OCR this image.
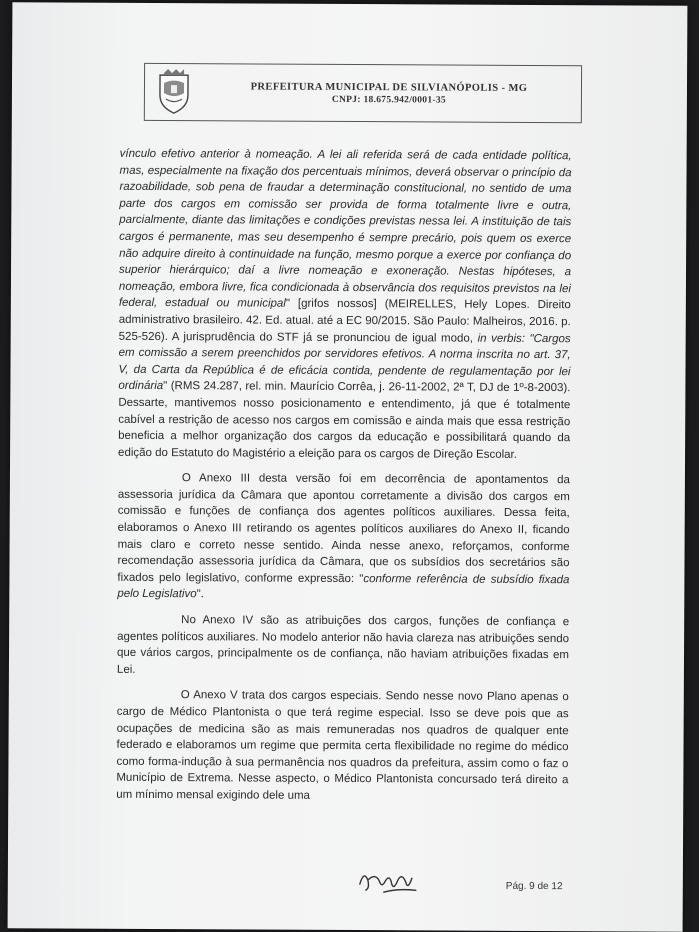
PREFEITURA MUNICIPAL DE SILVIANÓPOLIS - MG
CNPJ: 18.675.942/0001-35

vínculo efetivo anterior à nomeação. A lei ali referida será de cada entidade política, mas, especialmente na fixação dos percentuais mínimos, deverá observar o princípio da razoabilidade, sob pena de fraudar a determinação constitucional, no sentido de uma parte dos cargos em comissão ser provida de forma totalmente livre e outra, parcialmente, diante das limitações e condições previstas nessa lei. A instituição de tais cargos é permanente, mas seu desempenho é sempre precário, pois quem os exerce não adquire direito à continuidade na função, mesmo porque a exerce por confiança do superior hierárquico; daí a livre nomeação e exoneração. Nestas hipóteses, a nomeação, embora livre, fica condicionada à observância dos requisitos previstos na lei federal, estadual ou municipal" [grifos nossos] (MEIRELLES, Hely Lopes. Direito administrativo brasileiro. 42. Ed. atual. até a EC 90/2015. São Paulo: Malheiros, 2016. p. 525-526). A jurisprudência do STF já se pronunciou de igual modo, in verbis: "Cargos em comissão a serem preenchidos por servidores efetivos. A norma inscrita no art. 37, V, da Carta da República é de eficácia contida, pendente de regulamentação por lei ordinária" (RMS 24.287, rel. min. Maurício Corrêa, j. 26-11-2002, 2ª T, DJ de 1º-8-2003). Dessarte, mantivemos nosso posicionamento e entendimento, já que é totalmente cabível a restrição de acesso nos cargos em comissão e ainda mais que essa restrição beneficia a melhor organização dos cargos da educação e possibilitará quando da edição do Estatuto do Magistério a eleição para os cargos de Direção Escolar.

O Anexo III desta versão foi em decorrência de apontamentos da assessoria jurídica da Câmara que apontou corretamente a divisão dos cargos em comissão e funções de confiança dos agentes políticos auxiliares. Dessa feita, elaboramos o Anexo III retirando os agentes políticos auxiliares do Anexo II, ficando mais claro e correto nesse sentido. Ainda nesse anexo, reforçamos, conforme recomendação assessoria jurídica da Câmara, que os subsídios dos secretários são fixados pelo legislativo, conforme expressão: "conforme referência de subsídio fixada pelo Legislativo".

No Anexo IV são as atribuições dos cargos, funções de confiança e agentes políticos auxiliares. No modelo anterior não havia clareza nas atribuições sendo que vários cargos, principalmente os de confiança, não haviam atribuições fixadas em Lei.

O Anexo V trata dos cargos especiais. Sendo nesse novo Plano apenas o cargo de Médico Plantonista o que terá regime especial. Isso se deve pois que as ocupações de medicina são as mais remuneradas nos quadros de qualquer ente federado e elaboramos um regime que permita certa flexibilidade no regime do médico como forma-indução à sua permanência nos quadros da prefeitura, assim como o faz o Município de Extrema. Nesse aspecto, o Médico Plantonista concursado terá direito a um mínimo mensal exigindo dele uma

Pág. 9 de 12
